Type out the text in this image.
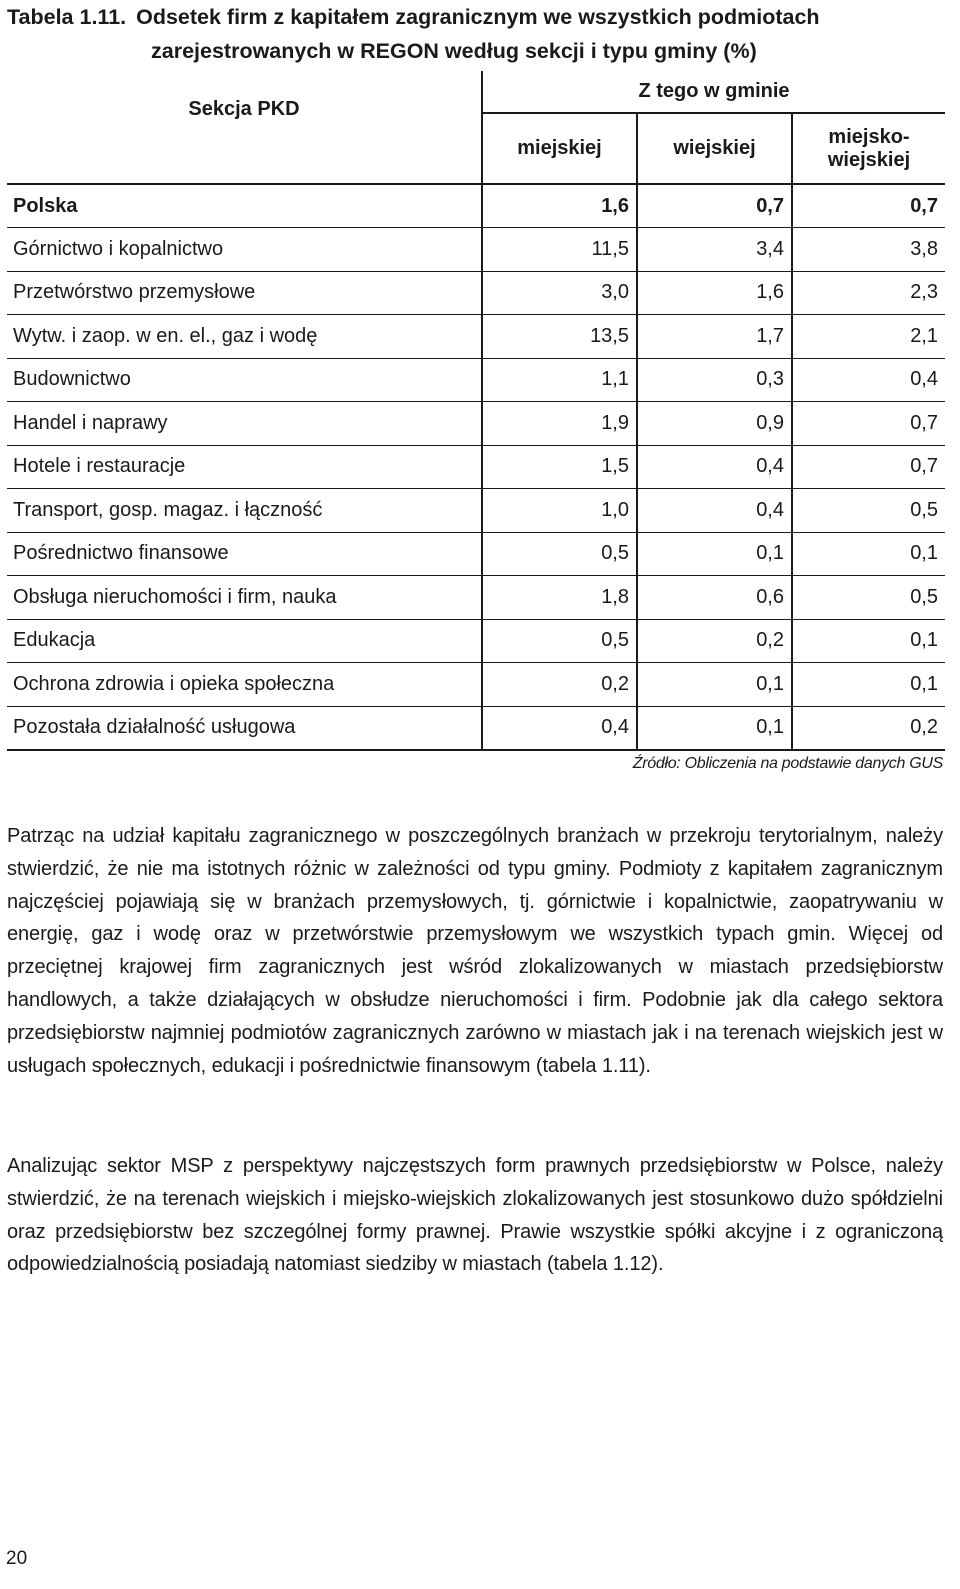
Tabela 1.11. Odsetek firm z kapitałem zagranicznym we wszystkich podmiotach
zarejestrowanych w REGON według sekcji i typu gminy (%)
Sekcja PKD	Z tego w gminie		
	miejskiej	wiejskiej	miejsko-
wiejskiej
Polska	1,6	0,7	0,7
Górnictwo i kopalnictwo	11,5	3,4	3,8
Przetwórstwo przemysłowe	3,0	1,6	2,3
Wytw. i zaop. w en. el., gaz i wodę	13,5	1,7	2,1
Budownictwo	1,1	0,3	0,4
Handel i naprawy	1,9	0,9	0,7
Hotele i restauracje	1,5	0,4	0,7
Transport, gosp. magaz. i łączność	1,0	0,4	0,5
Pośrednictwo finansowe	0,5	0,1	0,1
Obsługa nieruchomości i firm, nauka	1,8	0,6	0,5
Edukacja	0,5	0,2	0,1
Ochrona zdrowia i opieka społeczna	0,2	0,1	0,1
Pozostała działalność usługowa	0,4	0,1	0,2
Źródło: Obliczenia na podstawie danych GUS

Patrząc na udział kapitału zagranicznego w poszczególnych branżach w przekroju terytorialnym, należy stwierdzić, że nie ma istotnych różnic w zależności od typu gminy. Podmioty z kapitałem zagranicznym najczęściej pojawiają się w branżach przemysłowych, tj. górnictwie i kopalnictwie, zaopatrywaniu w energię, gaz i wodę oraz w przetwórstwie przemysłowym we wszystkich typach gmin. Więcej od przeciętnej krajowej firm zagranicznych jest wśród zlokalizowanych w miastach przedsiębiorstw handlowych, a także działających w obsłudze nieruchomości i firm. Podobnie jak dla całego sektora przedsiębiorstw najmniej podmiotów zagranicznych zarówno w miastach jak i na terenach wiejskich jest w usługach społecznych, edukacji i pośrednictwie finansowym (tabela 1.11).

Analizując sektor MSP z perspektywy najczęstszych form prawnych przedsiębiorstw w Polsce, należy stwierdzić, że na terenach wiejskich i miejsko-wiejskich zlokalizowanych jest stosunkowo dużo spółdzielni oraz przedsiębiorstw bez szczególnej formy prawnej. Prawie wszystkie spółki akcyjne i z ograniczoną odpowiedzialnością posiadają natomiast siedziby w miastach (tabela 1.12).

20
